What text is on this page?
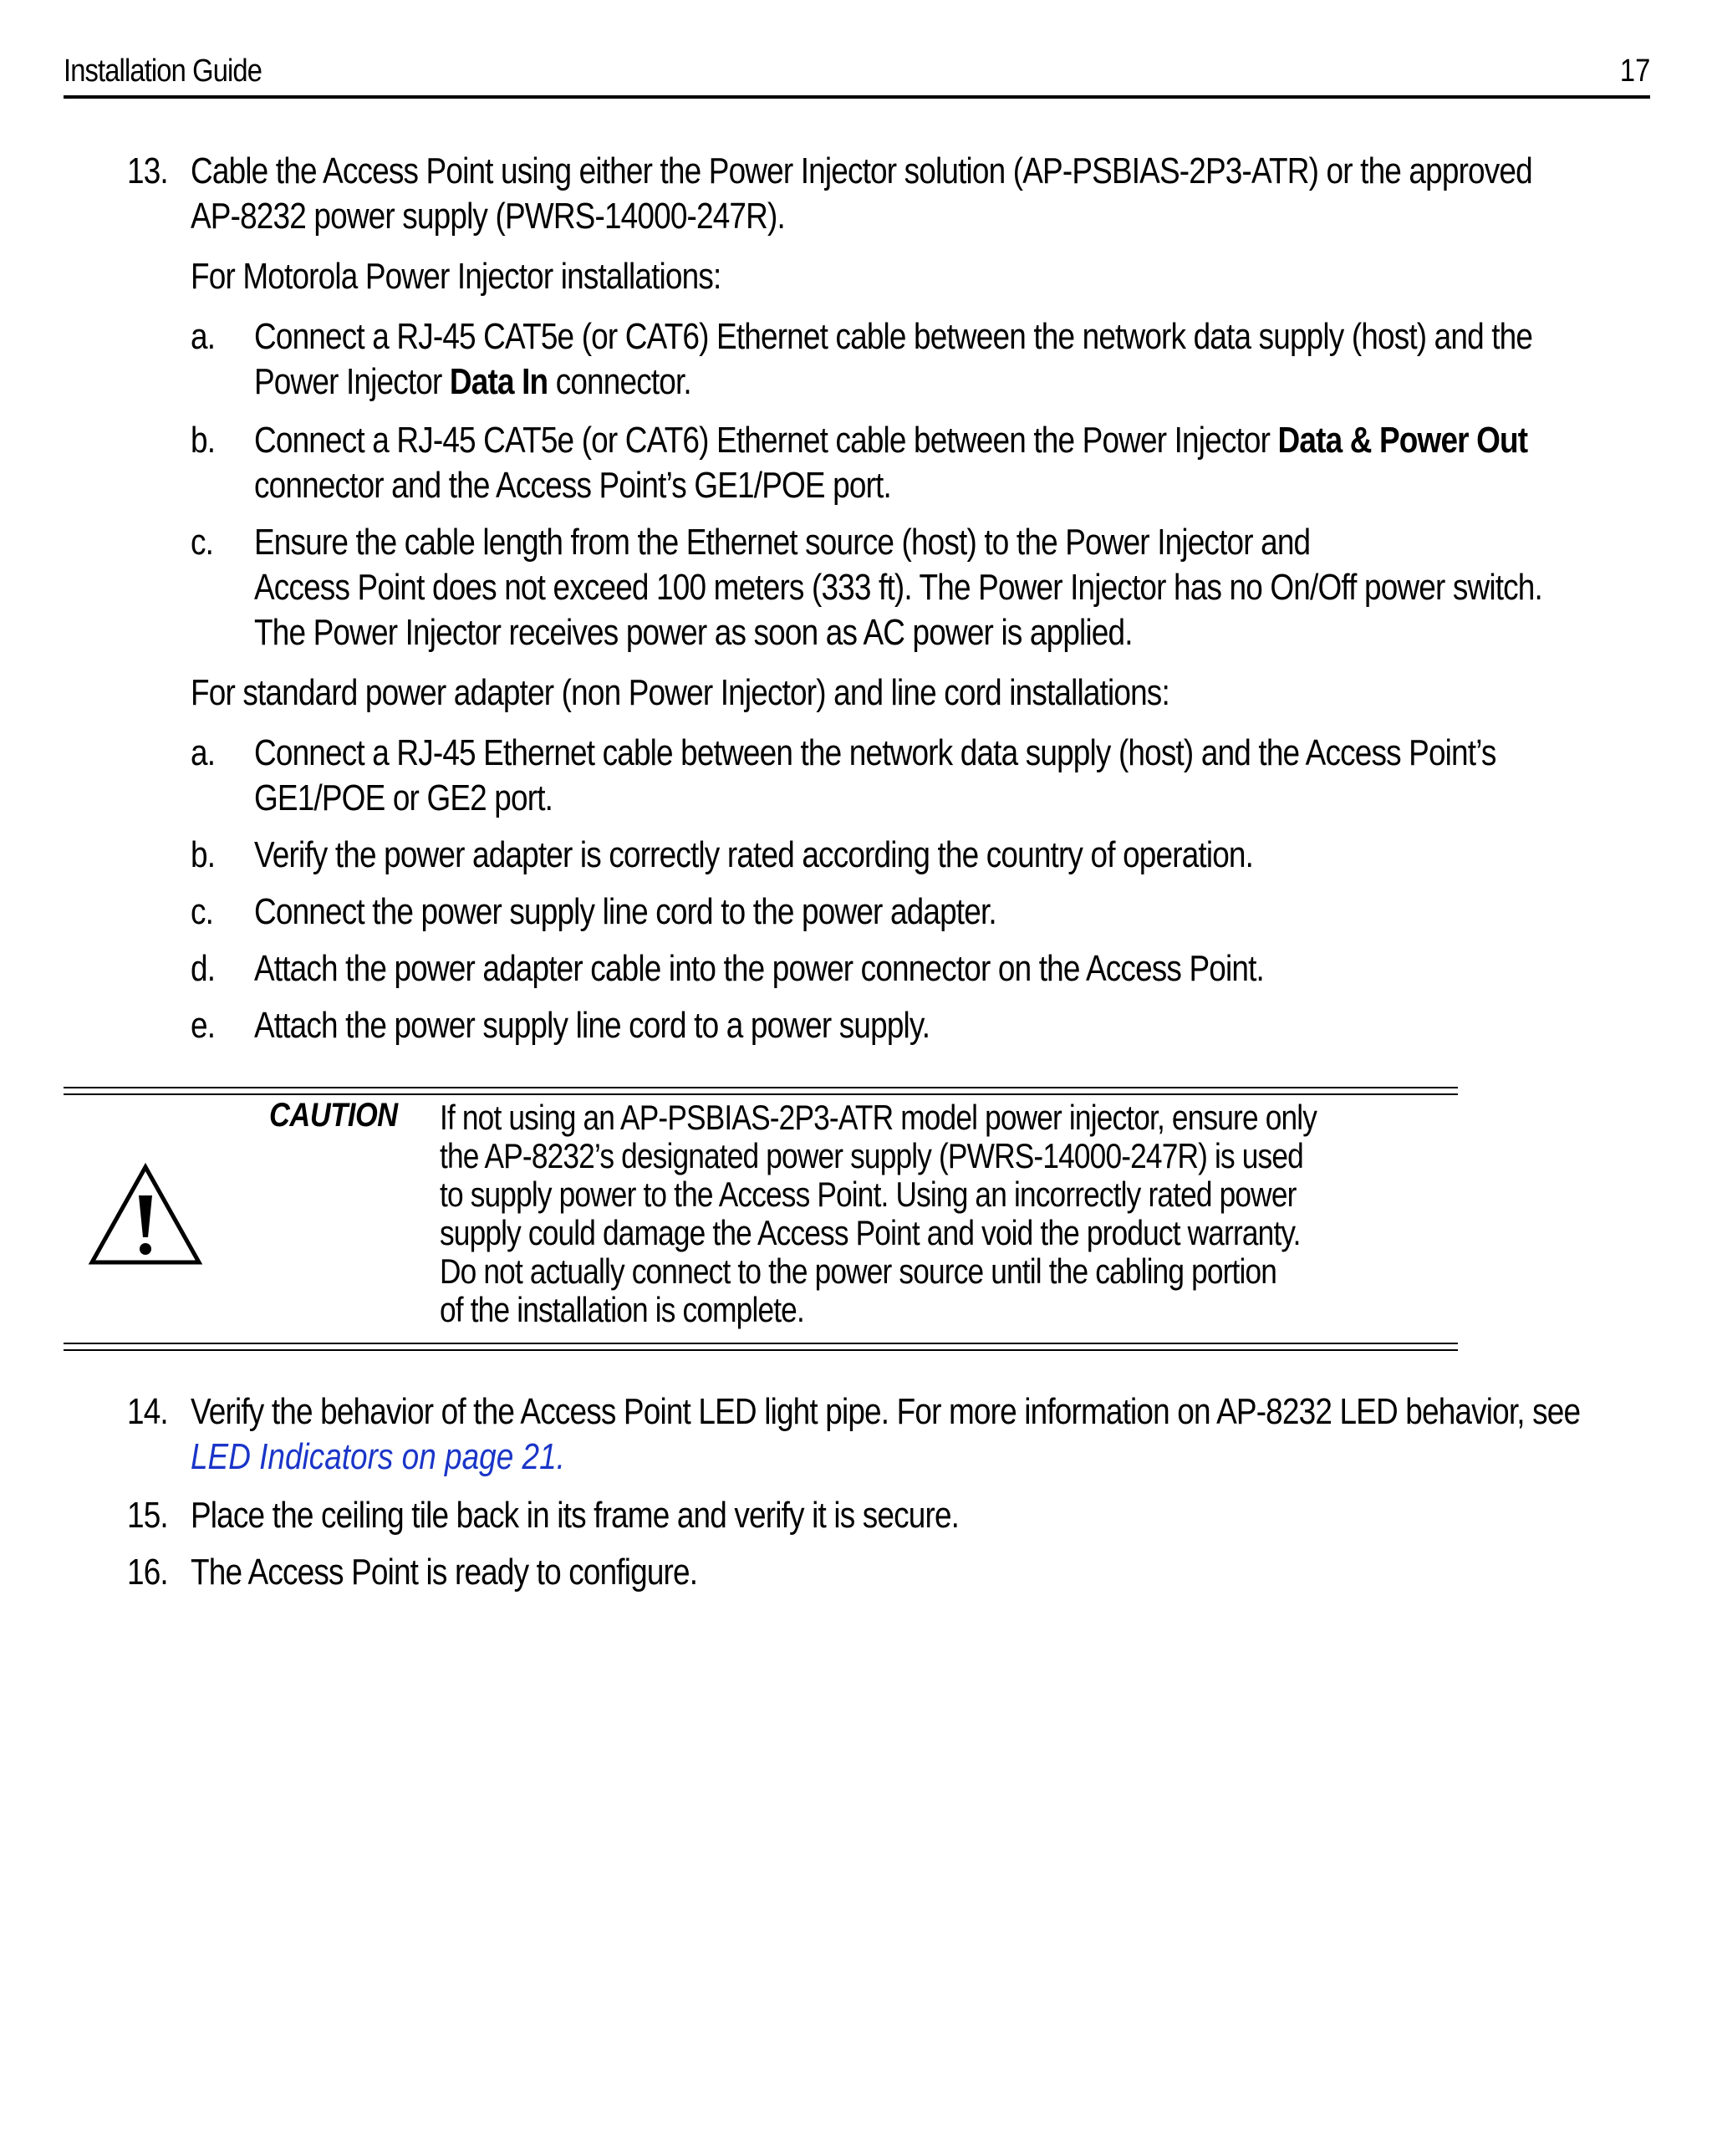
Installation Guide	17
13. Cable the Access Point using either the Power Injector solution (AP-PSBIAS-2P3-ATR) or the approved
AP-8232 power supply (PWRS-14000-247R).
For Motorola Power Injector installations:
a. Connect a RJ-45 CAT5e (or CAT6) Ethernet cable between the network data supply (host) and the
Power Injector Data In connector.
b. Connect a RJ-45 CAT5e (or CAT6) Ethernet cable between the Power Injector Data & Power Out
connector and the Access Point’s GE1/POE port.
c. Ensure the cable length from the Ethernet source (host) to the Power Injector and
Access Point does not exceed 100 meters (333 ft). The Power Injector has no On/Off power switch.
The Power Injector receives power as soon as AC power is applied.
For standard power adapter (non Power Injector) and line cord installations:
a. Connect a RJ-45 Ethernet cable between the network data supply (host) and the Access Point’s
GE1/POE or GE2 port.
b. Verify the power adapter is correctly rated according the country of operation.
c. Connect the power supply line cord to the power adapter.
d. Attach the power adapter cable into the power connector on the Access Point.
e. Attach the power supply line cord to a power supply.
CAUTION If not using an AP-PSBIAS-2P3-ATR model power injector, ensure only
the AP-8232’s designated power supply (PWRS-14000-247R) is used
to supply power to the Access Point. Using an incorrectly rated power
supply could damage the Access Point and void the product warranty.
Do not actually connect to the power source until the cabling portion
of the installation is complete.
14. Verify the behavior of the Access Point LED light pipe. For more information on AP-8232 LED behavior, see
LED Indicators on page 21.
15. Place the ceiling tile back in its frame and verify it is secure.
16. The Access Point is ready to configure.
